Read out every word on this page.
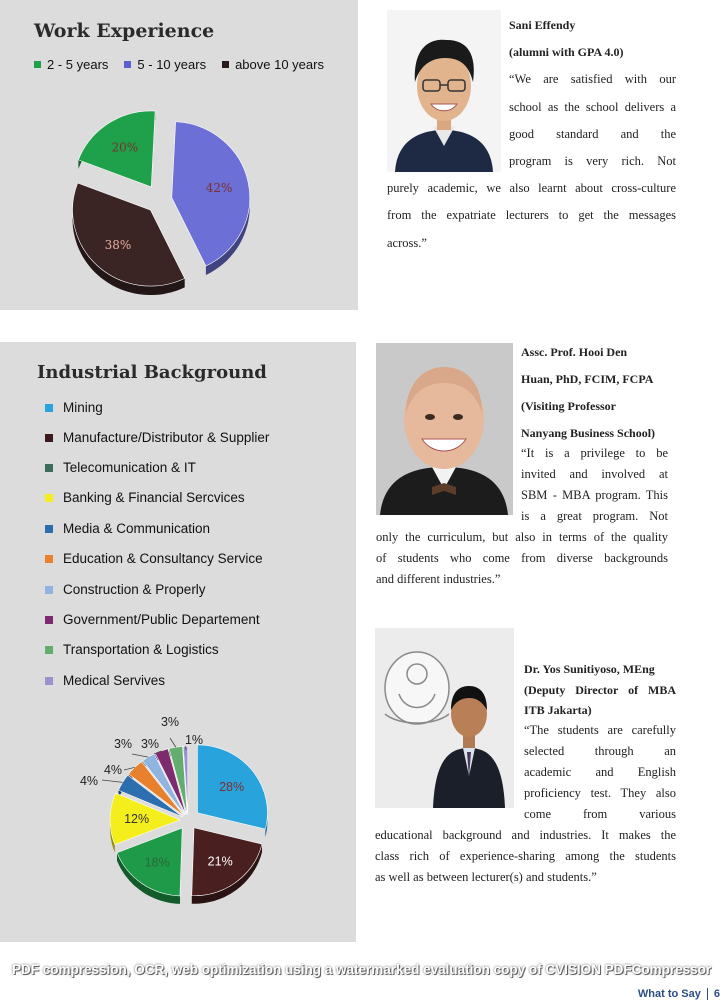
Work Experience
2 - 5 years 5 - 10 years above 10 years
20%
42%
38%
Industrial Background
Mining
Manufacture/Distributor & Supplier
Telecomunication & IT
Banking & Financial Sercvices
Media & Communication
Education & Consultancy Service
Construction & Properly
Government/Public Departement
Transportation & Logistics
Medical Servives
28%
21%
18%
12%
4%
4%
3% 3%
3%
1%
Sani Effendy
(alumni with GPA 4.0)
“We are satisfied with our
school as the school delivers a
good standard and the
program is very rich. Not
purely academic, we also learnt about cross-culture
from the expatriate lecturers to get the messages
across.”
Assc. Prof. Hooi Den
Huan, PhD, FCIM, FCPA
(Visiting Professor
Nanyang Business School)
“It is a privilege to be
invited and involved at
SBM - MBA program. This
is a great program. Not
only the curriculum, but also in terms of the quality
of students who come from diverse backgrounds
and different industries.”
Dr. Yos Sunitiyoso, MEng
(Deputy Director of MBA
ITB Jakarta)
“The students are carefully
selected through an
academic and English
proficiency test. They also
come from various
educational background and industries. It makes the
class rich of experience-sharing among the students
as well as between lecturer(s) and students.”
PDF compression, OCR, web optimization using a watermarked evaluation copy of CVISION PDFCompressor
What to Say 6
